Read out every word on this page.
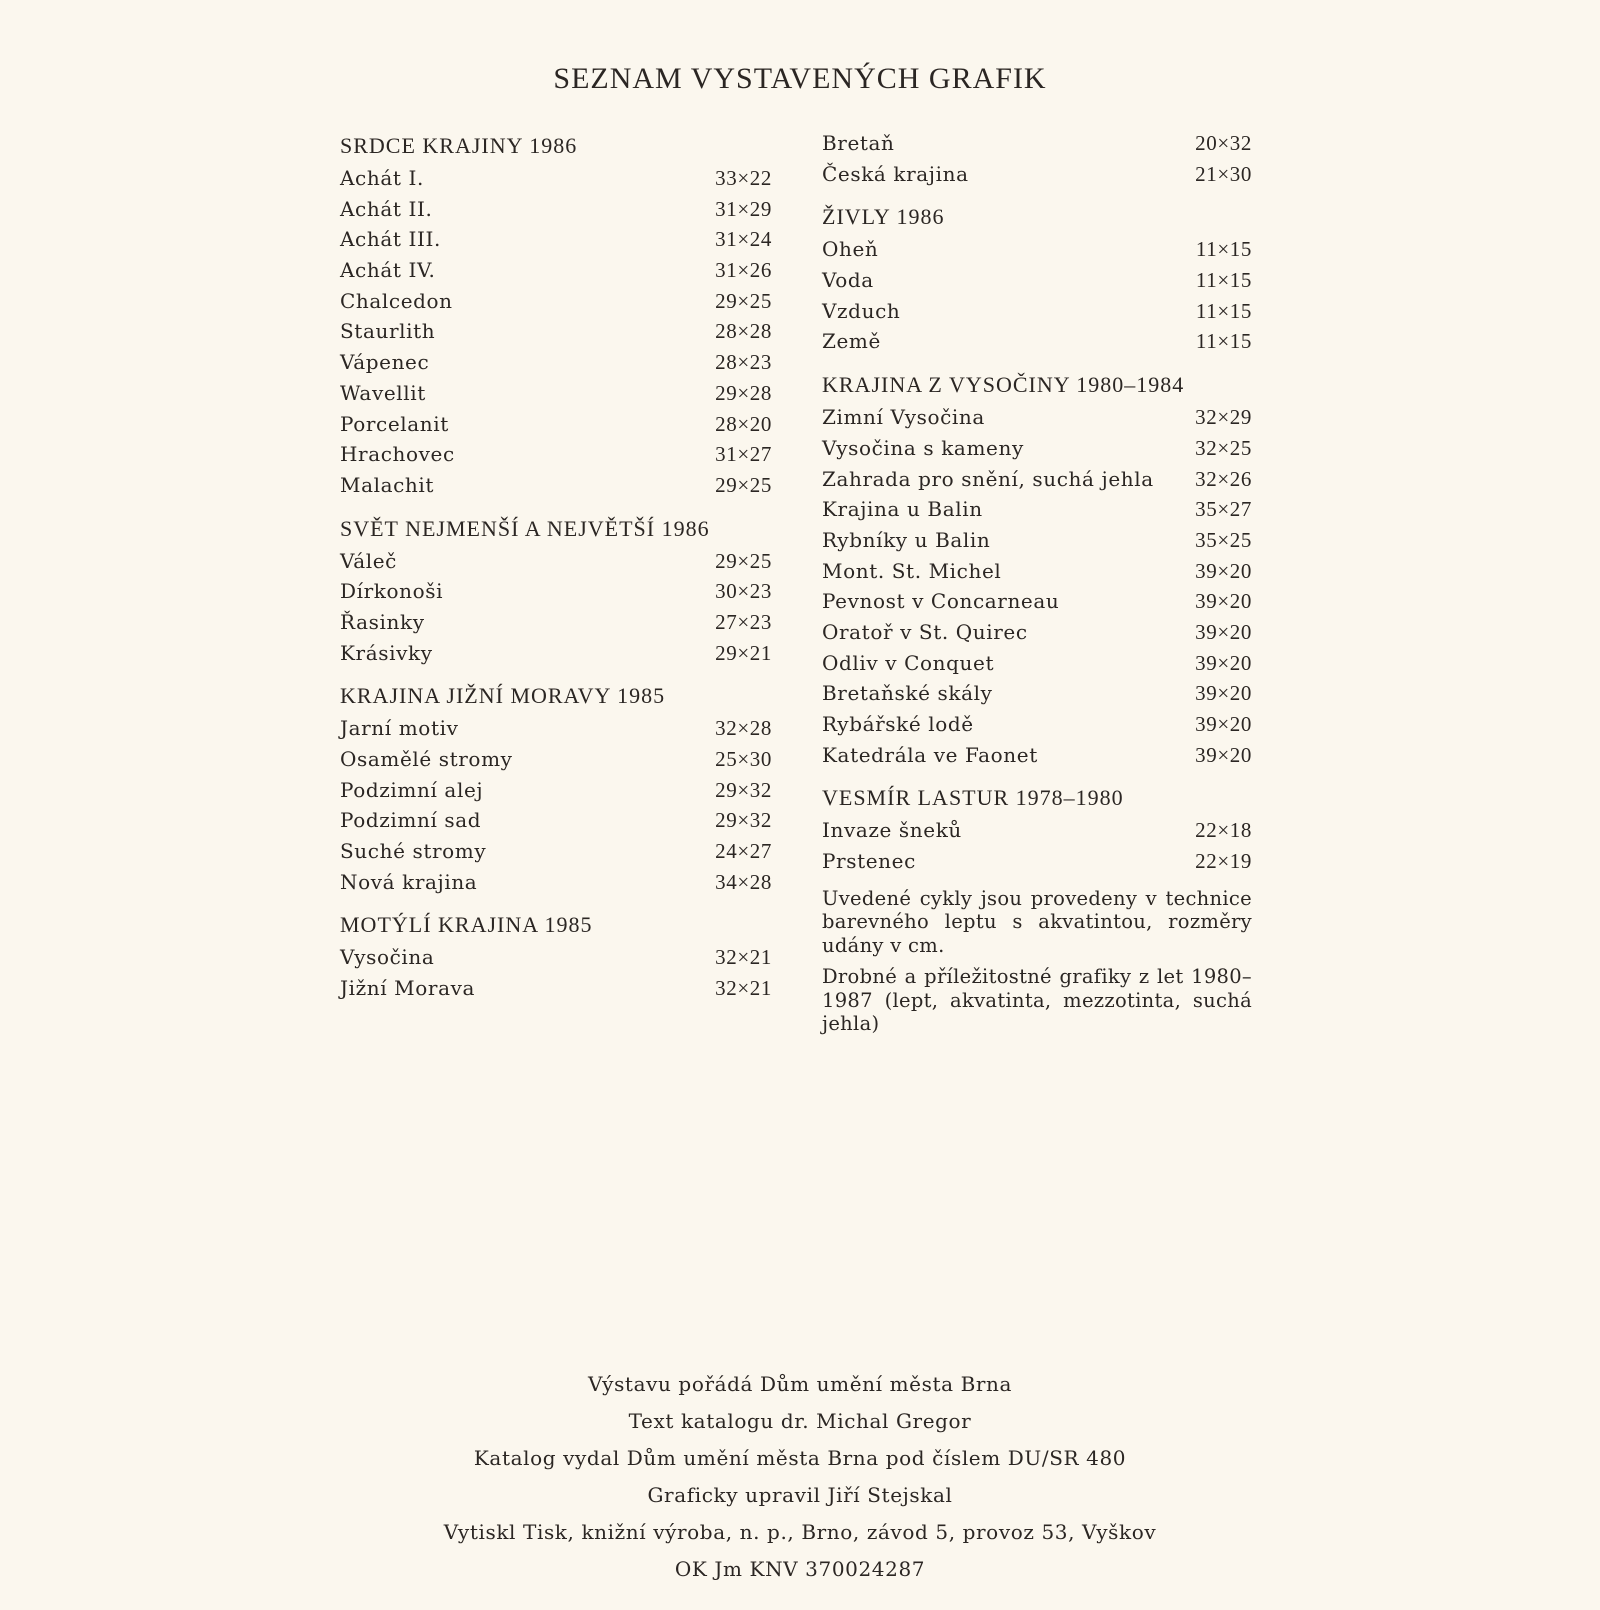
SEZNAM VYSTAVENÝCH GRAFIK
SRDCE KRAJINY 1986
Achát I.	33×22
Achát II.	31×29
Achát III.	31×24
Achát IV.	31×26
Chalcedon	29×25
Staurlith	28×28
Vápenec	28×23
Wavellit	29×28
Porcelanit	28×20
Hrachovec	31×27
Malachit	29×25
SVĚT NEJMENŠÍ A NEJVĚTŠÍ 1986
Váleč	29×25
Dírkonoši	30×23
Řasinky	27×23
Krásivky	29×21
KRAJINA JIŽNÍ MORAVY 1985
Jarní motiv	32×28
Osamělé stromy	25×30
Podzimní alej	29×32
Podzimní sad	29×32
Suché stromy	24×27
Nová krajina	34×28
MOTÝLÍ KRAJINA 1985
Vysočina	32×21
Jižní Morava	32×21
Bretaň	20×32
Česká krajina	21×30
ŽIVLY 1986
Oheň	11×15
Voda	11×15
Vzduch	11×15
Země	11×15
KRAJINA Z VYSOČINY 1980–1984
Zimní Vysočina	32×29
Vysočina s kameny	32×25
Zahrada pro snění, suchá jehla 32×26
Krajina u Balin	35×27
Rybníky u Balin	35×25
Mont. St. Michel	39×20
Pevnost v Concarneau	39×20
Oratoř v St. Quirec	39×20
Odliv v Conquet	39×20
Bretaňské skály	39×20
Rybářské lodě	39×20
Katedrála ve Faonet	39×20
VESMÍR LASTUR 1978–1980
Invaze šneků	22×18
Prstenec	22×19

Uvedené cykly jsou provedeny v technice barevného leptu s akvatintou, rozměry udány v cm.

Drobné a příležitostné grafiky z let 1980–1987 (lept, akvatinta, mezzotinta, suchá jehla)

Výstavu pořádá Dům umění města Brna
Text katalogu dr. Michal Gregor
Katalog vydal Dům umění města Brna pod číslem DU/SR 480
Graficky upravil Jiří Stejskal
Vytiskl Tisk, knižní výroba, n. p., Brno, závod 5, provoz 53, Vyškov
OK Jm KNV 370024287
